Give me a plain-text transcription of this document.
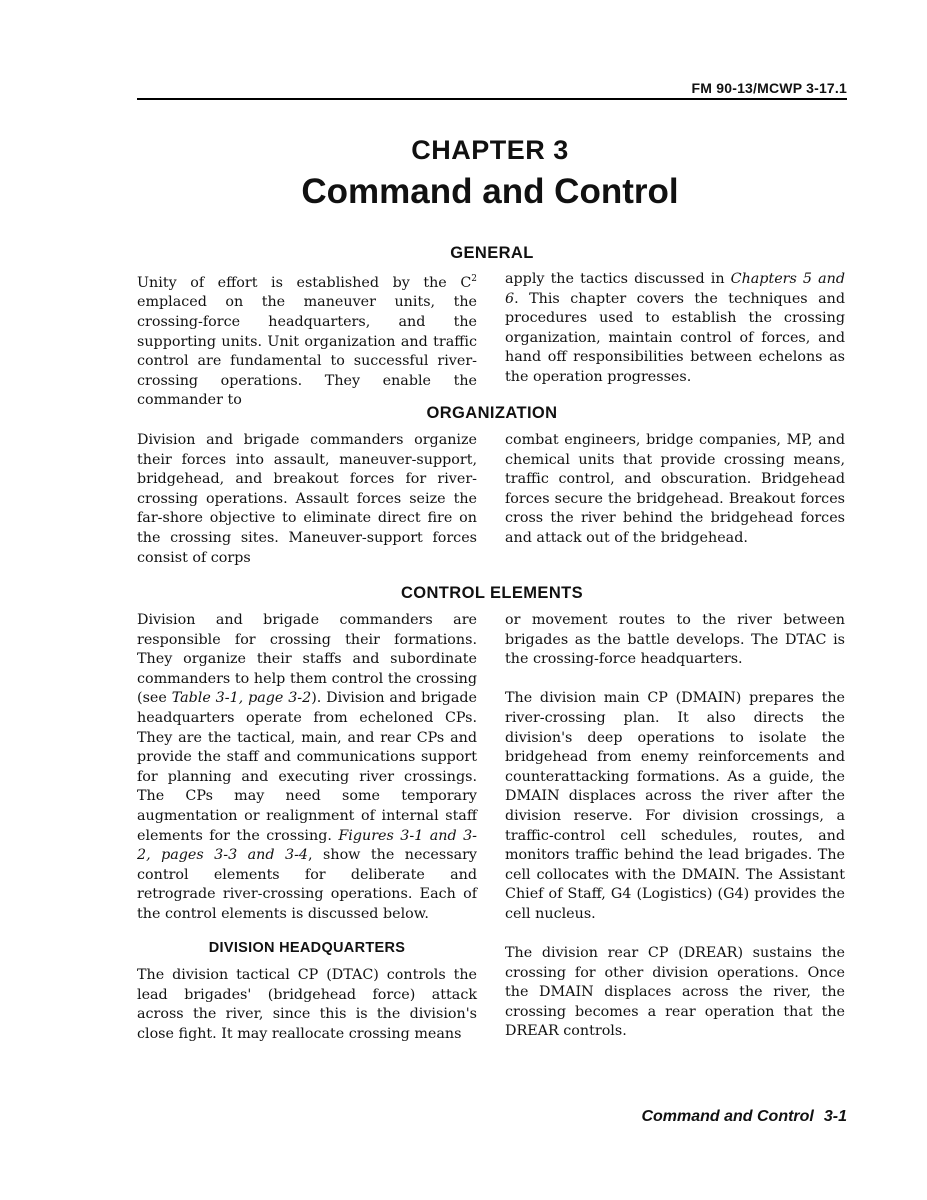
FM 90-13/MCWP 3-17.1
CHAPTER 3
Command and Control
GENERAL

Unity of effort is established by the $C^2$ emplaced on the maneuver units, the crossing-force headquarters, and the supporting units. Unit organization and traffic control are fundamental to successful river-crossing operations. They enable the commander to

apply the tactics discussed in Chapters 5 and 6. This chapter covers the techniques and procedures used to establish the crossing organization, maintain control of forces, and hand off responsibilities between echelons as the operation progresses.

ORGANIZATION

Division and brigade commanders organize their forces into assault, maneuver-support, bridgehead, and breakout forces for river-crossing operations. Assault forces seize the far-shore objective to eliminate direct fire on the crossing sites. Maneuver-support forces consist of corps

combat engineers, bridge companies, MP, and chemical units that provide crossing means, traffic control, and obscuration. Bridgehead forces secure the bridgehead. Breakout forces cross the river behind the bridgehead forces and attack out of the bridgehead.

CONTROL ELEMENTS

Division and brigade commanders are responsible for crossing their formations. They organize their staffs and subordinate commanders to help them control the crossing (see Table 3-1, page 3-2). Division and brigade headquarters operate from echeloned CPs. They are the tactical, main, and rear CPs and provide the staff and communications support for planning and executing river crossings. The CPs may need some temporary augmentation or realignment of internal staff elements for the crossing. Figures 3-1 and 3-2, pages 3-3 and 3-4, show the necessary control elements for deliberate and retrograde river-crossing operations. Each of the control elements is discussed below.

DIVISION HEADQUARTERS

The division tactical CP (DTAC) controls the lead brigades' (bridgehead force) attack across the river, since this is the division's close fight. It may reallocate crossing means

or movement routes to the river between brigades as the battle develops. The DTAC is the crossing-force headquarters.

The division main CP (DMAIN) prepares the river-crossing plan. It also directs the division's deep operations to isolate the bridgehead from enemy reinforcements and counterattacking formations. As a guide, the DMAIN displaces across the river after the division reserve. For division crossings, a traffic-control cell schedules, routes, and monitors traffic behind the lead brigades. The cell collocates with the DMAIN. The Assistant Chief of Staff, G4 (Logistics) (G4) provides the cell nucleus.

The division rear CP (DREAR) sustains the crossing for other division operations. Once the DMAIN displaces across the river, the crossing becomes a rear operation that the DREAR controls.

Command and Control 3-1
